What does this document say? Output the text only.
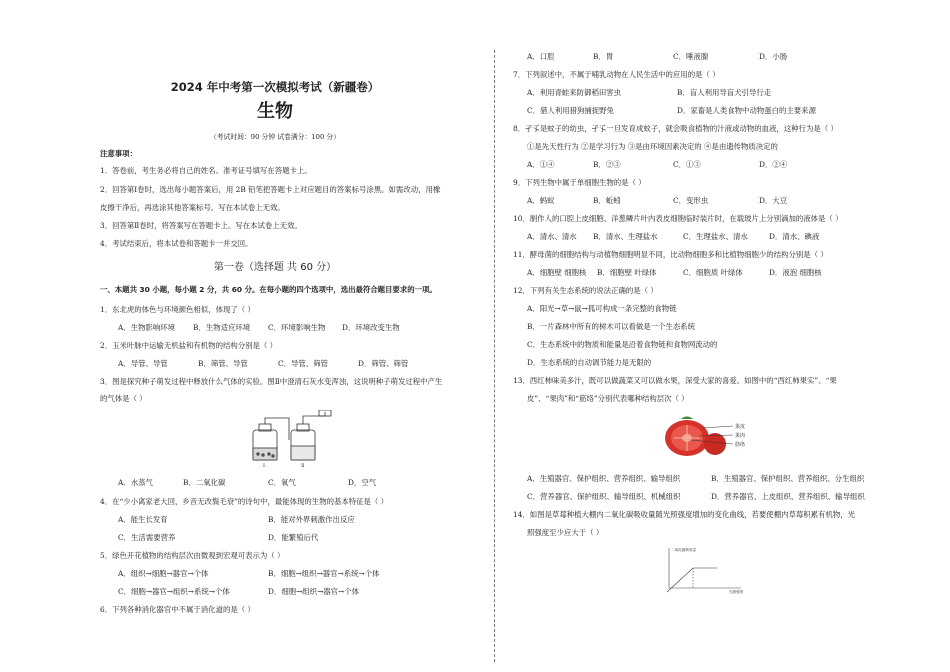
2024 年中考第一次模拟考试（新疆卷）
生物
（考试时间：90 分钟 试卷满分：100 分）
注意事项：
1．答卷前，考生务必将自己的姓名、准考证号填写在答题卡上。
2．回答第Ⅰ卷时，选出每小题答案后，用 2B 铅笔把答题卡上对应题目的答案标号涂黑。如需改动，用橡
皮擦干净后，再选涂其他答案标号。写在本试卷上无效。
3．回答第Ⅱ卷时，将答案写在答题卡上。写在本试卷上无效。
4．考试结束后，将本试卷和答题卡一并交回。
第一卷（选择题 共 60 分）
一、本题共 30 小题，每小题 2 分，共 60 分。在每小题的四个选项中，选出最符合题目要求的一项。
1．东北虎的体色与环境颜色相似，体现了（ ）
A．生物影响环境 B．生物适应环境 C．环境影响生物 D．环境改变生物
2．玉米叶脉中运输无机盐和有机物的结构分别是（ ）
A．导管、导管	B．筛管、导管	C．导管、筛管	D．筛管、筛管
3．图是探究种子萌发过程中释放什么气体的实验。图Ⅱ中澄清石灰水变浑浊，这说明种子萌发过程中产生
的气体是（ ）
Ⅰ	Ⅱ
A．水蒸气	B．二氧化碳	C．氧气	D．空气
4．在“少小离家老大回，乡音无改鬓毛衰”的诗句中，最能体现的生物的基本特征是（ ）
A．能生长发育	B．能对外界刺激作出反应
C．生活需要营养	D．能繁殖后代
5．绿色开花植物的结构层次由微观到宏观可表示为（ ）
A．组织→细胞→器官→个体	B．细胞→组织→器官→系统→个体
C．细胞→器官→组织→系统→个体	D．细胞→组织→器官→个体
6．下列各种消化器官中不属于消化道的是（ ）
A．口腔	B．胃	C．唾液腺	D．小肠
7．下列叙述中，不属于哺乳动物在人民生活中的应用的是（ ）
A．利用青蛙来防御稻田害虫	B．盲人利用导盲犬引导行走
C．猎人利用猎狗捕捉野兔	D．家畜是人类食物中动物蛋白的主要来源
8．孑孓是蚊子的幼虫，孑孓一旦发育成蚊子，就会吸食植物的汁液或动物的血液，这种行为是（ ）
①是先天性行为 ②是学习行为 ③是由环境因素决定的 ④是由遗传物质决定的
A．①④	B．②③	C．①③	D．②④
9．下列生物中属于单细胞生物的是（ ）
A．蚂蚁	B．蚯蚓	C．变形虫	D．大豆
10．制作人的口腔上皮细胞、洋葱鳞片叶内表皮细胞临时装片时，在载玻片上分别滴加的液体是（ ）
A．清水、清水 B．清水、生理盐水	C．生理盐水、清水	D．清水、碘液
11．酵母菌的细胞结构与动植物细胞明显不同，比动物细胞多和比植物细胞少的结构分别是（ ）
A．细胞壁 细胞核 B．细胞壁 叶绿体	C．细胞质 叶绿体	D．液泡 细胞核
12．下列有关生态系统的说法正确的是（ ）
A．阳光→草→鼠→狐可构成一条完整的食物链
B．一片森林中所有的树木可以看做是一个生态系统
C．生态系统中的物质和能量是沿着食物链和食物网流动的
D．生态系统的自动调节能力是无限的
13．西红柿味美多汁，既可以做蔬菜又可以做水果，深受大家的喜爱。如图中的“西红柿果实”、“果
皮”、“果肉”和“筋络”分别代表哪种结构层次（ ）
果皮
果肉
筋络
A．生殖器官、保护组织、营养组织、输导组织	B．生殖器官、保护组织、营养组织、分生组织
C．营养器官、保护组织、输导组织、机械组织	D．营养器官、上皮组织、营养组织、输导组织
14．如图是草莓种植大棚内二氧化碳吸收量随光照强度增加的变化曲线，若要使棚内草莓积累有机物，光
照强度至少应大于（ ）
二氧化碳吸收量
光照强度
